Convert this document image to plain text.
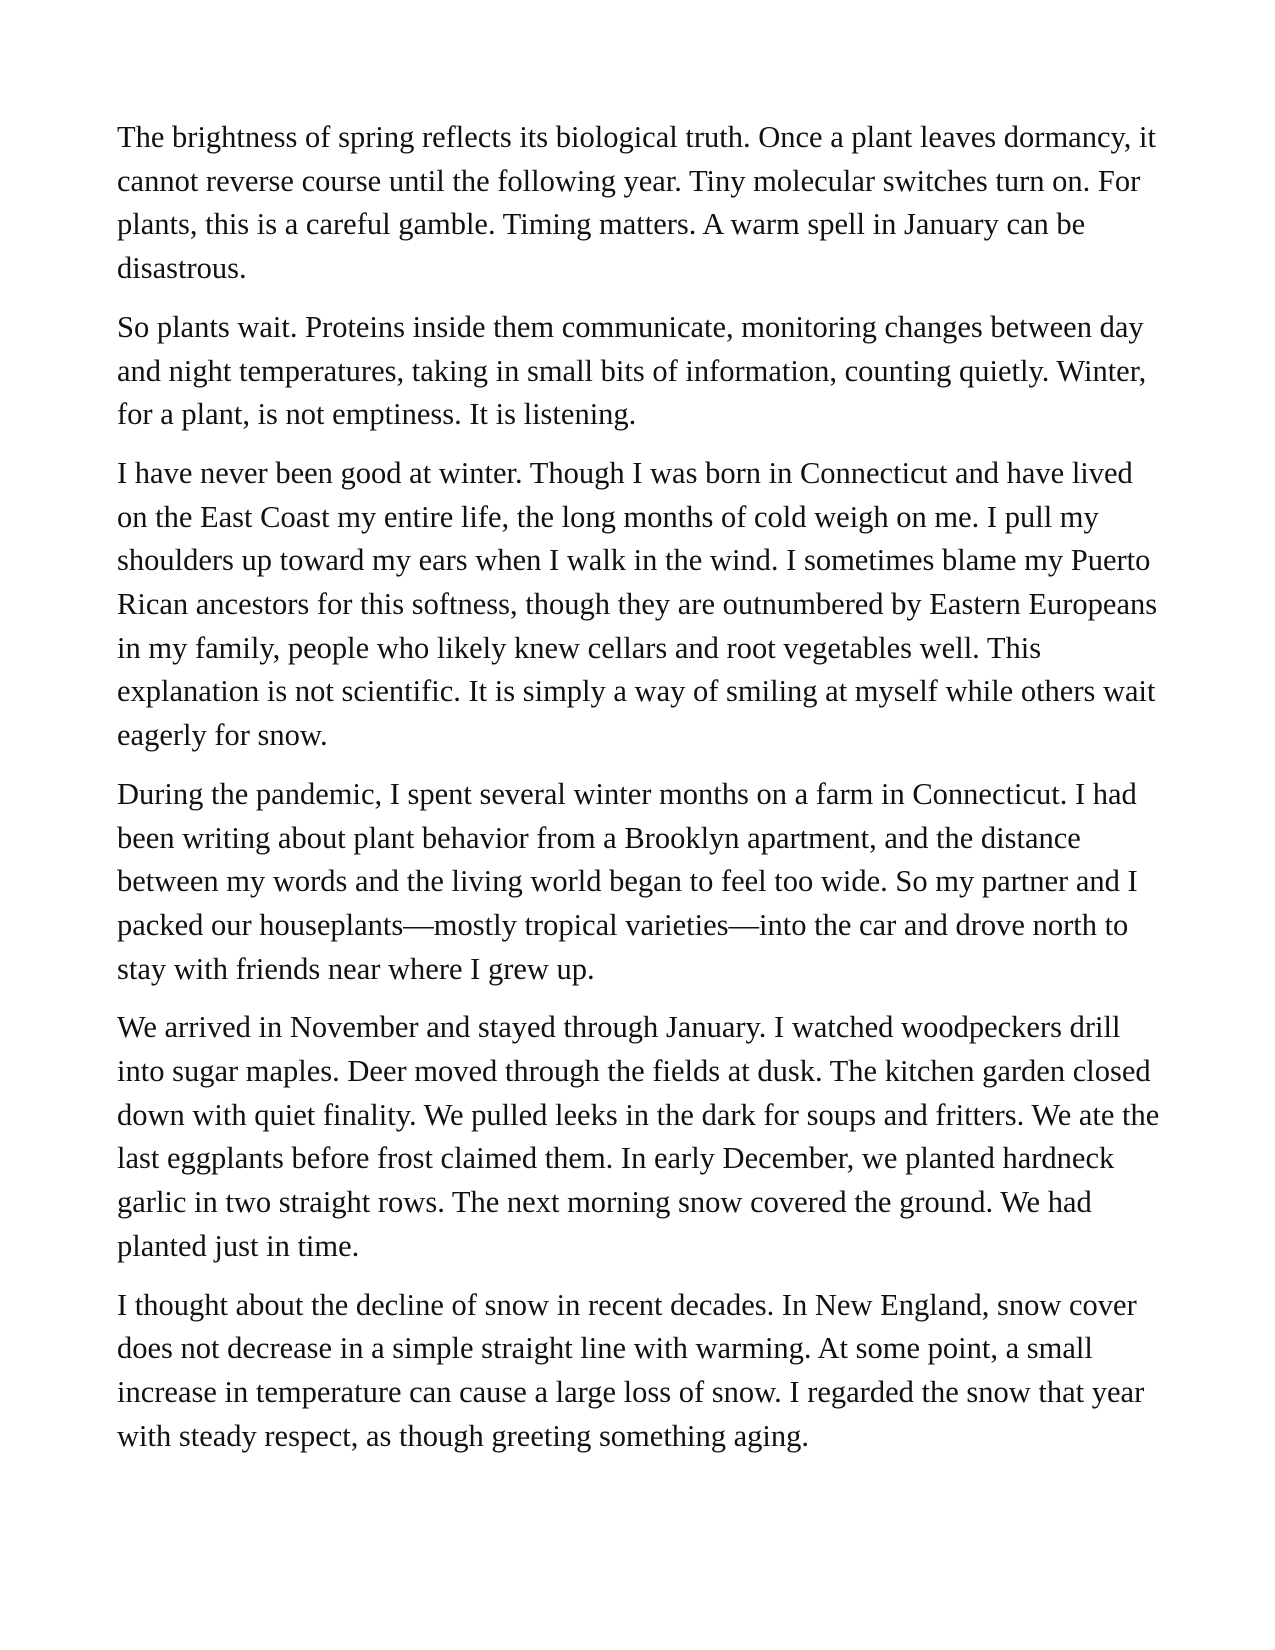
The brightness of spring reflects its biological truth. Once a plant leaves dormancy, it cannot reverse course until the following year. Tiny molecular switches turn on. For plants, this is a careful gamble. Timing matters. A warm spell in January can be disastrous.

So plants wait. Proteins inside them communicate, monitoring changes between day and night temperatures, taking in small bits of information, counting quietly. Winter, for a plant, is not emptiness. It is listening.

I have never been good at winter. Though I was born in Connecticut and have lived on the East Coast my entire life, the long months of cold weigh on me. I pull my shoulders up toward my ears when I walk in the wind. I sometimes blame my Puerto Rican ancestors for this softness, though they are outnumbered by Eastern Europeans in my family, people who likely knew cellars and root vegetables well. This explanation is not scientific. It is simply a way of smiling at myself while others wait eagerly for snow.

During the pandemic, I spent several winter months on a farm in Connecticut. I had been writing about plant behavior from a Brooklyn apartment, and the distance between my words and the living world began to feel too wide. So my partner and I packed our houseplants—mostly tropical varieties—into the car and drove north to stay with friends near where I grew up.

We arrived in November and stayed through January. I watched woodpeckers drill into sugar maples. Deer moved through the fields at dusk. The kitchen garden closed down with quiet finality. We pulled leeks in the dark for soups and fritters. We ate the last eggplants before frost claimed them. In early December, we planted hardneck garlic in two straight rows. The next morning snow covered the ground. We had planted just in time.

I thought about the decline of snow in recent decades. In New England, snow cover does not decrease in a simple straight line with warming. At some point, a small increase in temperature can cause a large loss of snow. I regarded the snow that year with steady respect, as though greeting something aging.
